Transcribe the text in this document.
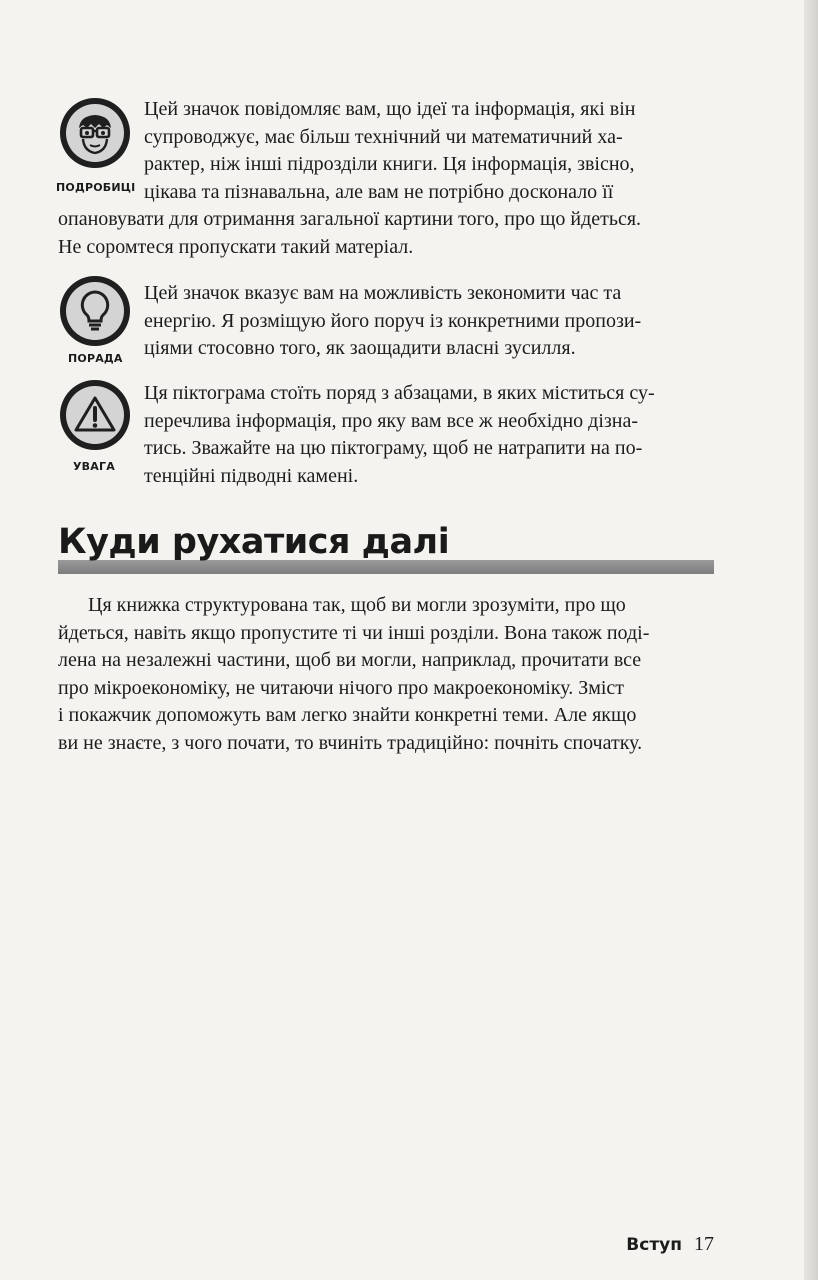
ПОДРОБИЦІ
Цей значок повідомляє вам, що ідеї та інформація, які він
супроводжує, має більш технічний чи математичний ха-
рактер, ніж інші підрозділи книги. Ця інформація, звісно,
цікава та пізнавальна, але вам не потрібно досконало її
опановувати для отримання загальної картини того, про що йдеться.
Не соромтеся пропускати такий матеріал.
ПОРАДА
Цей значок вказує вам на можливість зекономити час та
енергію. Я розміщую його поруч із конкретними пропози-
ціями стосовно того, як заощадити власні зусилля.
УВАГА
Ця піктограма стоїть поряд з абзацами, в яких міститься су-
перечлива інформація, про яку вам все ж необхідно дізна-
тись. Зважайте на цю піктограму, щоб не натрапити на по-
тенційні підводні камені.
Куди рухатися далі
Ця книжка структурована так, щоб ви могли зрозуміти, про що
йдеться, навіть якщо пропустите ті чи інші розділи. Вона також поді-
лена на незалежні частини, щоб ви могли, наприклад, прочитати все
про мікроекономіку, не читаючи нічого про макроекономіку. Зміст
і покажчик допоможуть вам легко знайти конкретні теми. Але якщо
ви не знаєте, з чого почати, то вчиніть традиційно: почніть спочатку.
Вступ 17
